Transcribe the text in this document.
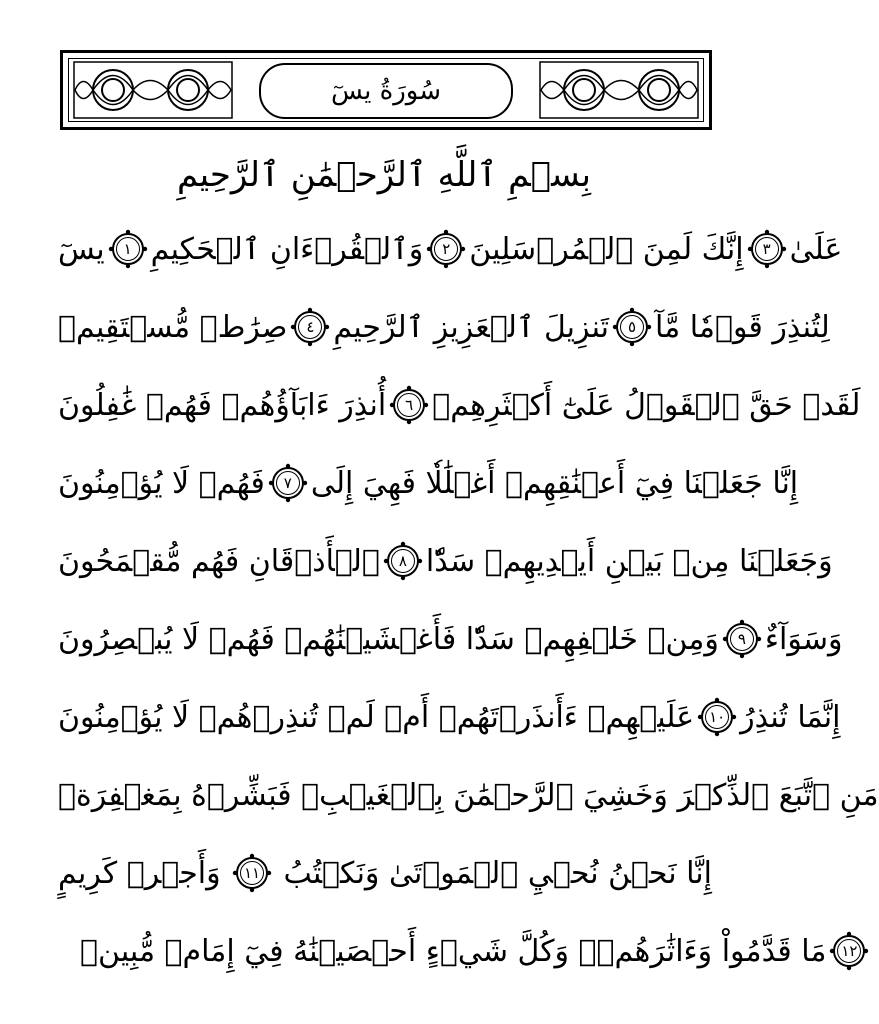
سُورَةُ يسٓ
بِسۡمِ ٱللَّهِ ٱلرَّحۡمَٰنِ ٱلرَّحِيمِ
يسٓ ١ وَٱلۡقُرۡءَانِ ٱلۡحَكِيمِ ٢ إِنَّكَ لَمِنَ ٱلۡمُرۡسَلِينَ ٣ عَلَىٰ
صِرَٰطٖ مُّسۡتَقِيمٖ ٤ تَنزِيلَ ٱلۡعَزِيزِ ٱلرَّحِيمِ ٥ لِتُنذِرَ قَوۡمٗا مَّآ
أُنذِرَ ءَابَآؤُهُمۡ فَهُمۡ غَٰفِلُونَ ٦ لَقَدۡ حَقَّ ٱلۡقَوۡلُ عَلَىٰٓ أَكۡثَرِهِمۡ
فَهُمۡ لَا يُؤۡمِنُونَ ٧ إِنَّا جَعَلۡنَا فِيٓ أَعۡنَٰقِهِمۡ أَغۡلَٰلٗا فَهِيَ إِلَى
ٱلۡأَذۡقَانِ فَهُم مُّقۡمَحُونَ ٨ وَجَعَلۡنَا مِنۢ بَيۡنِ أَيۡدِيهِمۡ سَدّٗا
وَمِنۡ خَلۡفِهِمۡ سَدّٗا فَأَغۡشَيۡنَٰهُمۡ فَهُمۡ لَا يُبۡصِرُونَ ٩ وَسَوَآءٌ
عَلَيۡهِمۡ ءَأَنذَرۡتَهُمۡ أَمۡ لَمۡ تُنذِرۡهُمۡ لَا يُؤۡمِنُونَ ١٠ إِنَّمَا تُنذِرُ
مَنِ ٱتَّبَعَ ٱلذِّكۡرَ وَخَشِيَ ٱلرَّحۡمَٰنَ بِٱلۡغَيۡبِۖ فَبَشِّرۡهُ بِمَغۡفِرَةٖ
وَأَجۡرٖ كَرِيمٍ ١١ إِنَّا نَحۡنُ نُحۡيِ ٱلۡمَوۡتَىٰ وَنَكۡتُبُ
مَا قَدَّمُواْ وَءَاثَٰرَهُمۡۚ وَكُلَّ شَيۡءٍ أَحۡصَيۡنَٰهُ فِيٓ إِمَامٖ مُّبِينٖ ١٢
